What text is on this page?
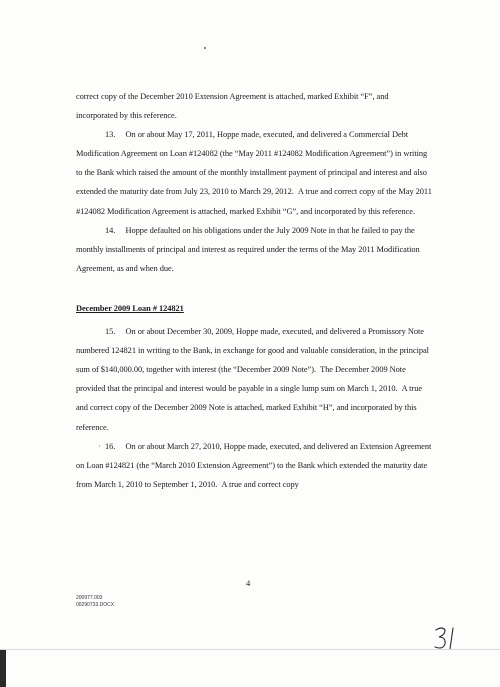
correct copy of the December 2010 Extension Agreement is attached, marked Exhibit “F”, and incorporated by this reference.

13.     On or about May 17, 2011, Hoppe made, executed, and delivered a Commercial Debt Modification Agreement on Loan #124082 (the “May 2011 #124082 Modification Agreement”) in writing to the Bank which raised the amount of the monthly installment payment of principal and interest and also extended the maturity date from July 23, 2010 to March 29, 2012.  A true and correct copy of the May 2011 #124082 Modification Agreement is attached, marked Exhibit “G”, and incorporated by this reference.

14.     Hoppe defaulted on his obligations under the July 2009 Note in that he failed to pay the monthly installments of principal and interest as required under the terms of the May 2011 Modification Agreement, as and when due.

December 2009 Loan # 124821

15.     On or about December 30, 2009, Hoppe made, executed, and delivered a Promissory Note numbered 124821 in writing to the Bank, in exchange for good and valuable consideration, in the principal sum of $140,000.00, together with interest (the “December 2009 Note”).  The December 2009 Note provided that the principal and interest would be payable in a single lump sum on March 1, 2010.  A true and correct copy of the December 2009 Note is attached, marked Exhibit “H”, and incorporated by this reference.

· 16.     On or about March 27, 2010, Hoppe made, executed, and delivered an Extension Agreement on Loan #124821 (the “March 2010 Extension Agreement”) to the Bank which extended the maturity date from March 1, 2010 to September 1, 2010.  A true and correct copy

4
200977.003
00290733.DOCX
